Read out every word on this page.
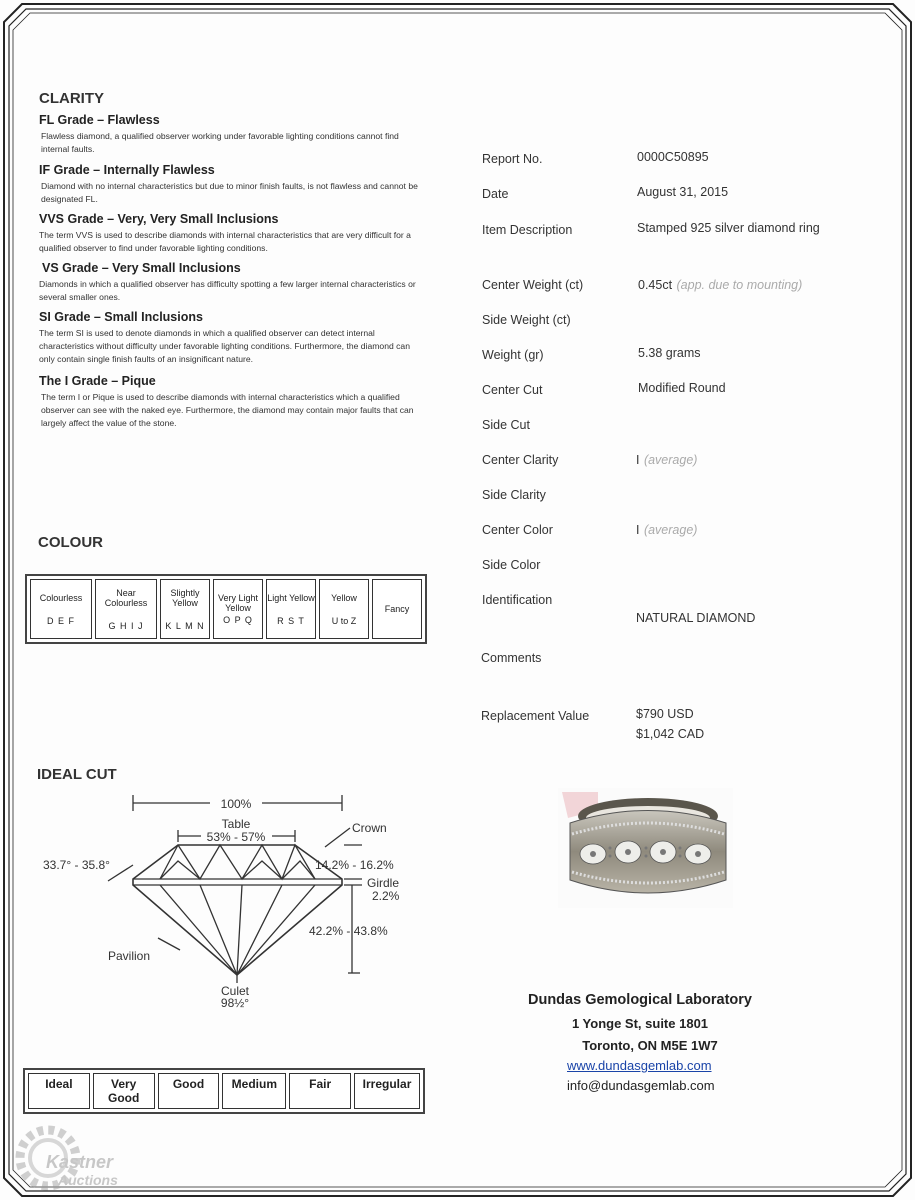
CLARITY
FL Grade – Flawless
Flawless diamond, a qualified observer working under favorable lighting conditions cannot find internal faults.
IF Grade – Internally Flawless
Diamond with no internal characteristics but due to minor finish faults, is not flawless and cannot be designated FL.
VVS Grade – Very, Very Small Inclusions
The term VVS is used to describe diamonds with internal characteristics that are very difficult for a qualified observer to find under favorable lighting conditions.
VS Grade – Very Small Inclusions
Diamonds in which a qualified observer has difficulty spotting a few larger internal characteristics or several smaller ones.
SI Grade – Small Inclusions
The term SI is used to denote diamonds in which a qualified observer can detect internal characteristics without difficulty under favorable lighting conditions. Furthermore, the diamond can only contain single finish faults of an insignificant nature.
The I Grade – Pique
The term I or Pique is used to describe diamonds with internal characteristics which a qualified observer can see with the naked eye. Furthermore, the diamond may contain major faults that can largely affect the value of the stone.
COLOUR
Colourless
D E F

Near Colourless
G H I J

Slightly Yellow
K L M N

Very Light Yellow
O P Q

Light Yellow
R S T

Yellow
U to Z

Fancy
IDEAL CUT
100%
Table
53% - 57%
Crown
33.7° - 35.8°	14.2% - 16.2%
Girdle
2.2%
42.2% - 43.8%
Pavilion
Culet
98½°
Ideal	Very Good	Good	Medium	Fair	Irregular
Report No.	0000C50895
Date	August 31, 2015
Item Description	Stamped 925 silver diamond ring
Center Weight (ct)	0.45ct (app. due to mounting)
Side Weight (ct)
Weight (gr)	5.38 grams
Center Cut	Modified Round
Side Cut
Center Clarity	I (average)
Side Clarity
Center Color	I (average)
Side Color
Identification
NATURAL DIAMOND
Comments
Replacement Value	$790 USD
$1,042 CAD
Dundas Gemological Laboratory
1 Yonge St, suite 1801
Toronto, ON M5E 1W7
www.dundasgemlab.com
info@dundasgemlab.com
Kastner
Auctions
